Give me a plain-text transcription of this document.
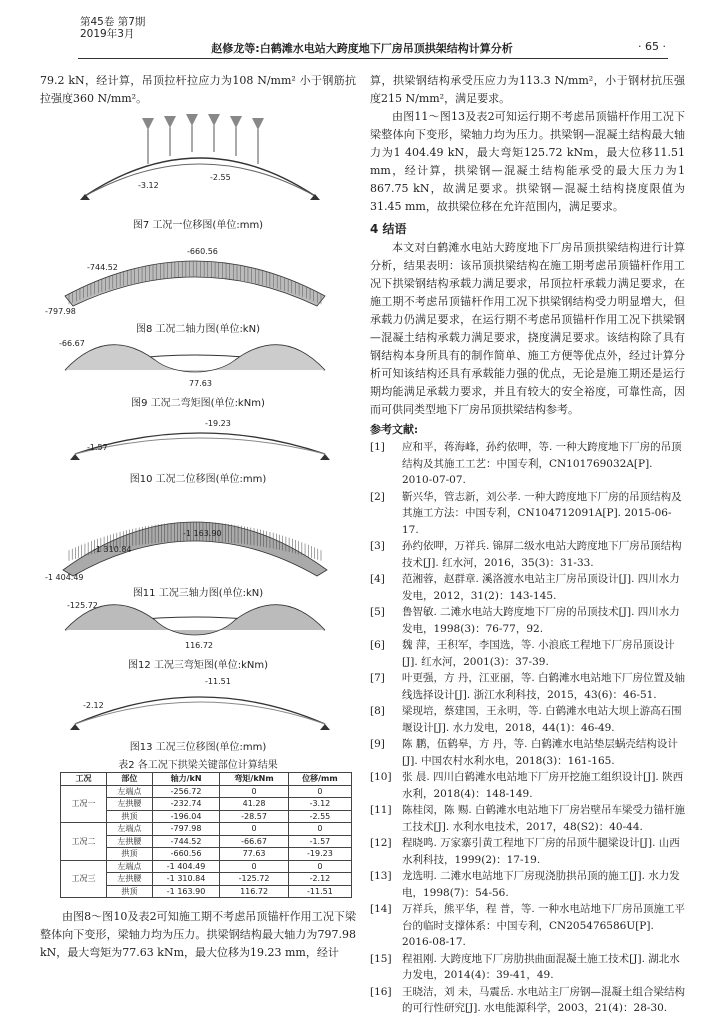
第45卷 第7期
2019年3月
赵修龙等:白鹤滩水电站大跨度地下厂房吊顶拱架结构计算分析	· 65 ·

79.2 kN，经计算，吊顶拉杆拉应力为108 N/mm² 小于钢筋抗拉强度360 N/mm²。

-3.12
-2.55
图7 工况一位移图(单位:mm)
-660.56
-744.52
-797.98
图8 工况二轴力图(单位:kN)
-66.67
77.63
图9 工况二弯矩图(单位:kNm)
-19.23
-1.57
图10 工况二位移图(单位:mm)
-1 163.90
-1 310.84
-1 404.49
图11 工况三轴力图(单位:kN)
-125.72
116.72
图12 工况三弯矩图(单位:kNm)
-11.51
-2.12
图13 工况三位移图(单位:mm)
表2 各工况下拱梁关键部位计算结果
工况	部位	轴力/kN	弯矩/kNm	位移/mm
工况一	左端点	-256.72	0	0
	左拱腰	-232.74	41.28	-3.12
	拱顶	-196.04	-28.57	-2.55
工况二	左端点	-797.98	0	0
	左拱腰	-744.52	-66.67	-1.57
	拱顶	-660.56	77.63	-19.23
工况三	左端点	-1 404.49	0	0
	左拱腰	-1 310.84	-125.72	-2.12
	拱顶	-1 163.90	116.72	-11.51

由图8～图10及表2可知施工期不考虑吊顶锚杆作用工况下梁整体向下变形，梁轴力均为压力。拱梁钢结构最大轴力为797.98 kN，最大弯矩为77.63 kNm，最大位移为19.23 mm，经计

算，拱梁钢结构承受压应力为113.3 N/mm²，小于钢材抗压强度215 N/mm²，满足要求。

由图11～图13及表2可知运行期不考虑吊顶锚杆作用工况下梁整体向下变形，梁轴力均为压力。拱梁钢—混凝土结构最大轴力为1 404.49 kN，最大弯矩125.72 kNm，最大位移11.51 mm，经计算，拱梁钢—混凝土结构能承受的最大压力为1 867.75 kN，故满足要求。拱梁钢—混凝土结构挠度限值为31.45 mm，故拱梁位移在允许范围内，满足要求。

4 结语

本文对白鹤滩水电站大跨度地下厂房吊顶拱梁结构进行计算分析，结果表明：该吊顶拱梁结构在施工期考虑吊顶锚杆作用工况下拱梁钢结构承载力满足要求，吊顶拉杆承载力满足要求，在施工期不考虑吊顶锚杆作用工况下拱梁钢结构受力明显增大，但承载力仍满足要求，在运行期不考虑吊顶锚杆作用工况下拱梁钢—混凝土结构承载力满足要求，挠度满足要求。该结构除了具有钢结构本身所具有的制作简单、施工方便等优点外，经过计算分析可知该结构还具有承载能力强的优点，无论是施工期还是运行期均能满足承载力要求，并且有较大的安全裕度，可靠性高，因而可供同类型地下厂房吊顶拱梁结构参考。

参考文献:
[1]	应和平，蒋海峰，孙约依呷，等. 一种大跨度地下厂房的吊顶结构及其施工工艺：中国专利，CN101769032A[P]. 2010-07-07.
[2]	靳兴华，管志新，刘公孝. 一种大跨度地下厂房的吊顶结构及其施工方法：中国专利，CN104712091A[P]. 2015-06-17.
[3]	孙约依呷，万祥兵. 锦屏二级水电站大跨度地下厂房吊顶结构技术[J]. 红水河，2016，35(3)：31-33.
[4]	范湘蓉，赵群章. 溪洛渡水电站主厂房吊顶设计[J]. 四川水力发电，2012，31(2)：143-145.
[5]	鲁智敏. 二滩水电站大跨度地下厂房的吊顶技术[J]. 四川水力发电，1998(3)：76-77，92.
[6]	魏 萍，王积军，李国选，等. 小浪底工程地下厂房吊顶设计[J]. 红水河，2001(3)：37-39.
[7]	叶更强，方 丹，江亚丽，等. 白鹤滩水电站地下厂房位置及轴线选择设计[J]. 浙江水利科技，2015，43(6)：46-51.
[8]	梁现培，蔡建国，王永明，等. 白鹤滩水电站大坝上游高石围堰设计[J]. 水力发电，2018，44(1)：46-49.
[9]	陈 鹏，伍鹤皋，方 丹，等. 白鹤滩水电站垫层蜗壳结构设计[J]. 中国农村水利水电，2018(3)：161-165.
[10] 张 晨. 四川白鹤滩水电站地下厂房开挖施工组织设计[J]. 陕西水利，2018(4)：148-149.
[11] 陈桂闵，陈 赐. 白鹤滩水电站地下厂房岩壁吊车梁受力锚杆施工技术[J]. 水利水电技术，2017，48(S2)：40-44.
[12] 程晓鸣. 万家寨引黄工程地下厂房的吊顶牛腿梁设计[J]. 山西水利科技，1999(2)：17-19.
[13] 龙选明. 二滩水电站地下厂房现浇肋拱吊顶的施工[J]. 水力发电，1998(7)：54-56.
[14] 万祥兵，熊平华，程 普，等. 一种水电站地下厂房吊顶施工平台的临时支撑体系：中国专利，CN205476586U[P]. 2016-08-17.
[15] 程祖刚. 大跨度地下厂房肋拱曲面混凝土施工技术[J]. 湖北水力发电，2014(4)：39-41，49.
[16] 王晓洁，刘 未，马震岳. 水电站主厂房钢—混凝土组合梁结构的可行性研究[J]. 水电能源科学，2003，21(4)：28-30.
